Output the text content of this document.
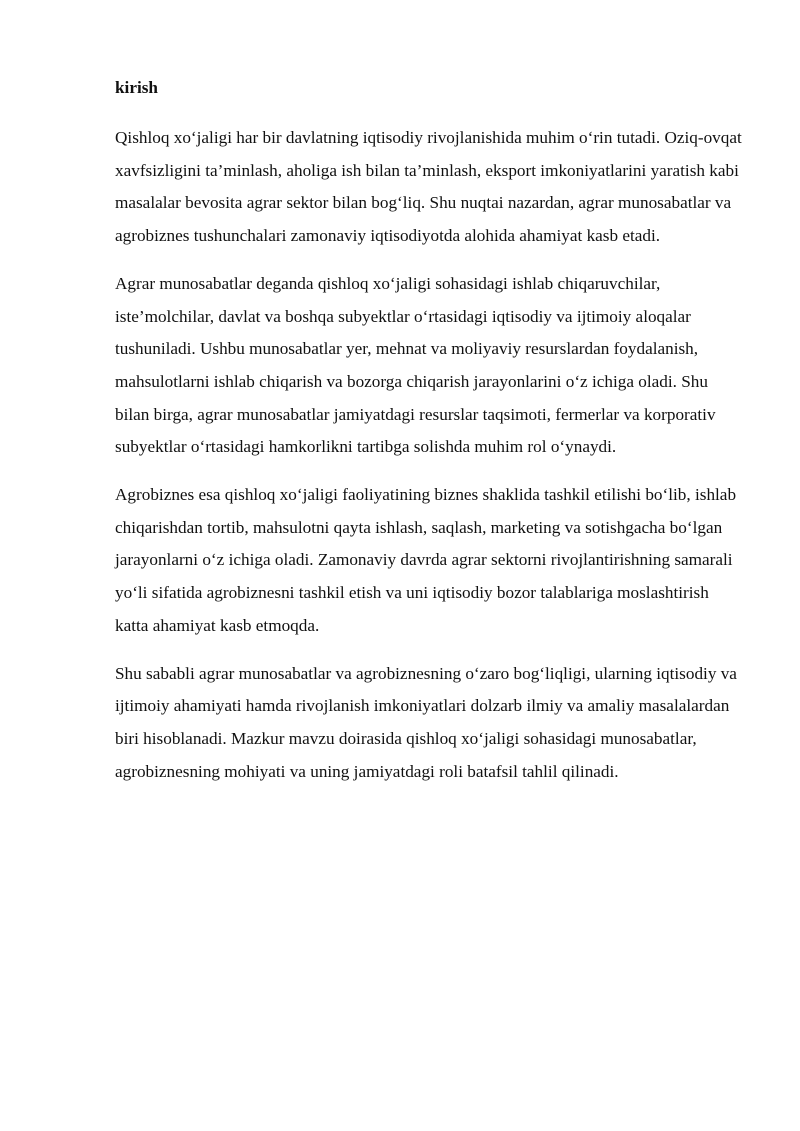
kirish

Qishloq xo‘jaligi har bir davlatning iqtisodiy rivojlanishida muhim o‘rin tutadi. Oziq-ovqat xavfsizligini ta’minlash, aholiga ish bilan ta’minlash, eksport imkoniyatlarini yaratish kabi masalalar bevosita agrar sektor bilan bog‘liq. Shu nuqtai nazardan, agrar munosabatlar va agrobiznes tushunchalari zamonaviy iqtisodiyotda alohida ahamiyat kasb etadi.

Agrar munosabatlar deganda qishloq xo‘jaligi sohasidagi ishlab chiqaruvchilar, iste’molchilar, davlat va boshqa subyektlar o‘rtasidagi iqtisodiy va ijtimoiy aloqalar tushuniladi. Ushbu munosabatlar yer, mehnat va moliyaviy resurslardan foydalanish, mahsulotlarni ishlab chiqarish va bozorga chiqarish jarayonlarini o‘z ichiga oladi. Shu bilan birga, agrar munosabatlar jamiyatdagi resurslar taqsimoti, fermerlar va korporativ subyektlar o‘rtasidagi hamkorlikni tartibga solishda muhim rol o‘ynaydi.

Agrobiznes esa qishloq xo‘jaligi faoliyatining biznes shaklida tashkil etilishi bo‘lib, ishlab chiqarishdan tortib, mahsulotni qayta ishlash, saqlash, marketing va sotishgacha bo‘lgan jarayonlarni o‘z ichiga oladi. Zamonaviy davrda agrar sektorni rivojlantirishning samarali yo‘li sifatida agrobiznesni tashkil etish va uni iqtisodiy bozor talablariga moslashtirish katta ahamiyat kasb etmoqda.

Shu sababli agrar munosabatlar va agrobiznesning o‘zaro bog‘liqligi, ularning iqtisodiy va ijtimoiy ahamiyati hamda rivojlanish imkoniyatlari dolzarb ilmiy va amaliy masalalardan biri hisoblanadi. Mazkur mavzu doirasida qishloq xo‘jaligi sohasidagi munosabatlar, agrobiznesning mohiyati va uning jamiyatdagi roli batafsil tahlil qilinadi.
